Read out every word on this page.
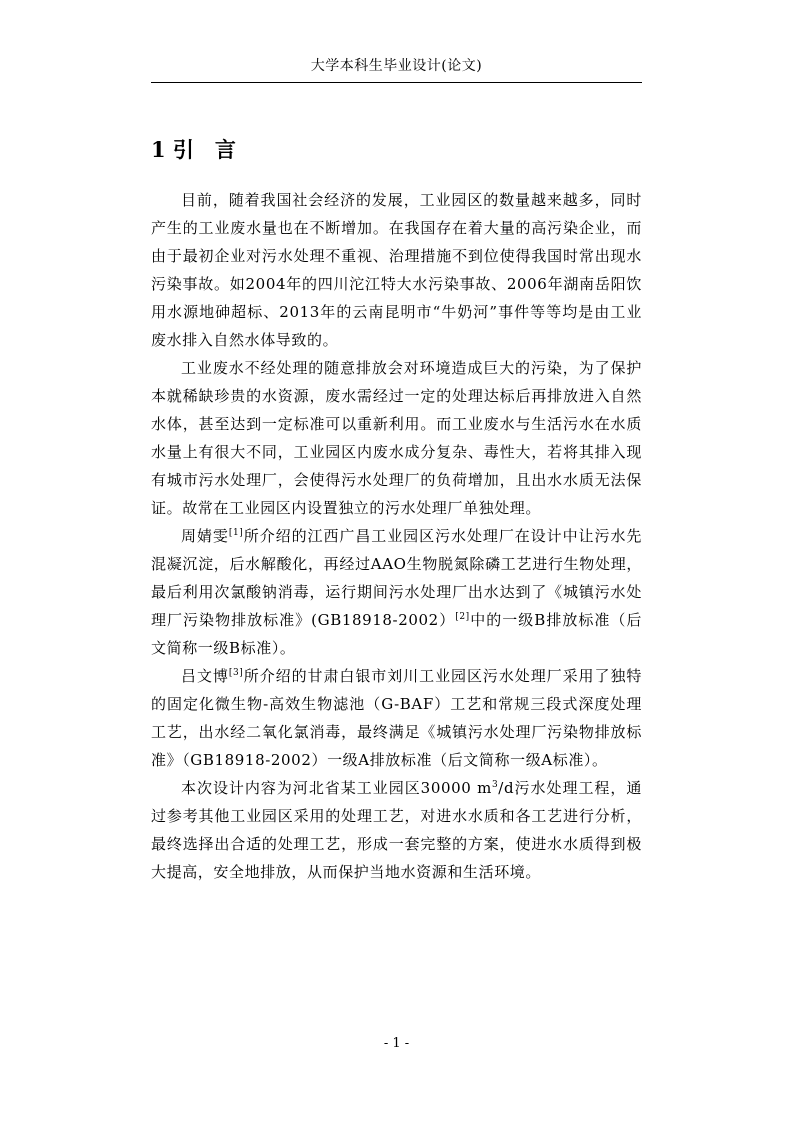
大学本科生毕业设计(论文)
1 引　言

目前，随着我国社会经济的发展，工业园区的数量越来越多，同时产生的工业废水量也在不断增加。在我国存在着大量的高污染企业，而由于最初企业对污水处理不重视、治理措施不到位使得我国时常出现水污染事故。如2004年的四川沱江特大水污染事故、2006年湖南岳阳饮用水源地砷超标、2013年的云南昆明市“牛奶河”事件等等均是由工业废水排入自然水体导致的。

工业废水不经处理的随意排放会对环境造成巨大的污染，为了保护本就稀缺珍贵的水资源，废水需经过一定的处理达标后再排放进入自然水体，甚至达到一定标准可以重新利用。而工业废水与生活污水在水质水量上有很大不同，工业园区内废水成分复杂、毒性大，若将其排入现有城市污水处理厂，会使得污水处理厂的负荷增加，且出水水质无法保证。故常在工业园区内设置独立的污水处理厂单独处理。

周婧雯[1]所介绍的江西广昌工业园区污水处理厂在设计中让污水先混凝沉淀，后水解酸化，再经过AAO生物脱氮除磷工艺进行生物处理，最后利用次氯酸钠消毒，运行期间污水处理厂出水达到了《城镇污水处理厂污染物排放标准》(GB18918-2002）[2]中的一级B排放标准（后文简称一级B标准）。

吕文博[3]所介绍的甘肃白银市刘川工业园区污水处理厂采用了独特的固定化微生物-高效生物滤池（G-BAF）工艺和常规三段式深度处理工艺，出水经二氧化氯消毒，最终满足《城镇污水处理厂污染物排放标准》（GB18918-2002）一级A排放标准（后文简称一级A标准）。

本次设计内容为河北省某工业园区30000 $m^3/d$污水处理工程，通过参考其他工业园区采用的处理工艺，对进水水质和各工艺进行分析，最终选择出合适的处理工艺，形成一套完整的方案，使进水水质得到极大提高，安全地排放，从而保护当地水资源和生活环境。

- 1 -
